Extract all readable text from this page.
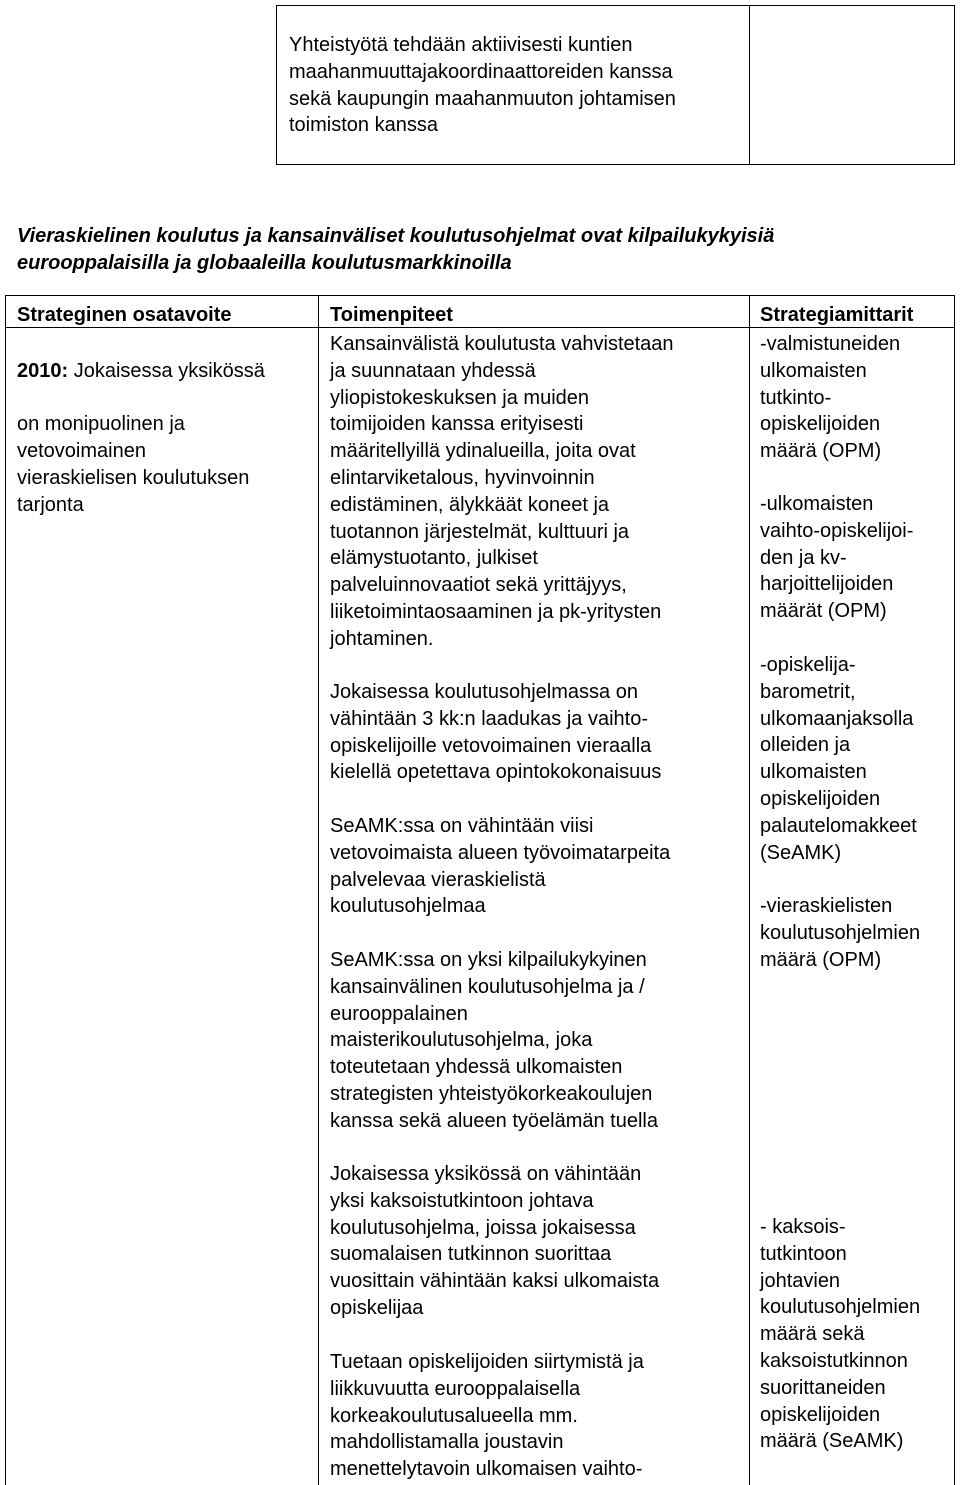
Yhteistyötä tehdään aktiivisesti kuntien
maahanmuuttajakoordinaattoreiden kanssa
sekä kaupungin maahanmuuton johtamisen
toimiston kanssa
Vieraskielinen koulutus ja kansainväliset koulutusohjelmat ovat kilpailukykyisiä
eurooppalaisilla ja globaaleilla koulutusmarkkinoilla
Strateginen osatavoite	Toimenpiteet	Strategiamittarit

2010: Jokaisessa yksikössä

on monipuolinen ja
vetovoimainen
vieraskielisen koulutuksen
tarjonta

Kansainvälistä koulutusta vahvistetaan
ja suunnataan yhdessä
yliopistokeskuksen ja muiden
toimijoiden kanssa erityisesti
määritellyillä ydinalueilla, joita ovat
elintarviketalous, hyvinvoinnin
edistäminen, älykkäät koneet ja
tuotannon järjestelmät, kulttuuri ja
elämystuotanto, julkiset
palveluinnovaatiot sekä yrittäjyys,
liiketoimintaosaaminen ja pk-yritysten
johtaminen.
Jokaisessa koulutusohjelmassa on
vähintään 3 kk:n laadukas ja vaihto-
opiskelijoille vetovoimainen vieraalla
kielellä opetettava opintokokonaisuus
SeAMK:ssa on vähintään viisi
vetovoimaista alueen työvoimatarpeita
palvelevaa vieraskielistä
koulutusohjelmaa
SeAMK:ssa on yksi kilpailukykyinen
kansainvälinen koulutusohjelma ja /
eurooppalainen
maisterikoulutusohjelma, joka
toteutetaan yhdessä ulkomaisten
strategisten yhteistyökorkeakoulujen
kanssa sekä alueen työelämän tuella
Jokaisessa yksikössä on vähintään
yksi kaksoistutkintoon johtava
koulutusohjelma, joissa jokaisessa
suomalaisen tutkinnon suorittaa
vuosittain vähintään kaksi ulkomaista
opiskelijaa
Tuetaan opiskelijoiden siirtymistä ja
liikkuvuutta eurooppalaisella
korkeakoulutusalueella mm.
mahdollistamalla joustavin
menettelytavoin ulkomaisen vaihto-
-valmistuneiden
ulkomaisten
tutkinto-
opiskelijoiden
määrä (OPM)
-ulkomaisten
vaihto-opiskelijoi-
den ja kv-
harjoittelijoiden
määrät (OPM)
-opiskelija-
barometrit,
ulkomaanjaksolla
olleiden ja
ulkomaisten
opiskelijoiden
palautelomakkeet
(SeAMK)
-vieraskielisten
koulutusohjelmien
määrä (OPM)
- kaksois-
tutkintoon
johtavien
koulutusohjelmien
määrä sekä
kaksoistutkinnon
suorittaneiden
opiskelijoiden
määrä (SeAMK)
